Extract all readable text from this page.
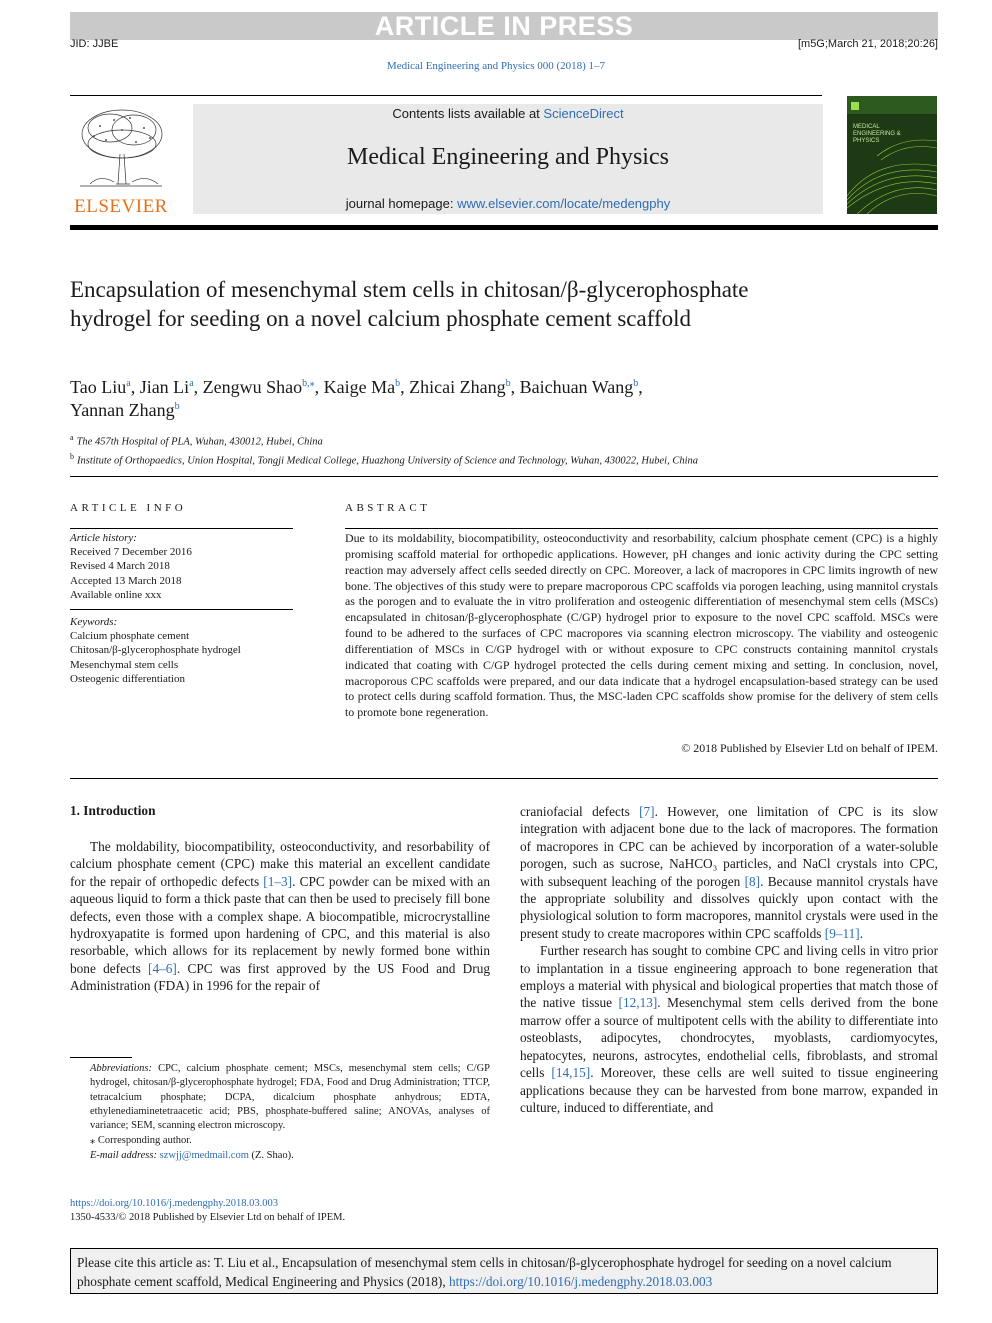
ARTICLE IN PRESS
JID: JJBE	[m5G;March 21, 2018;20:26]
Medical Engineering and Physics 000 (2018) 1–7
ELSEVIER
Contents lists available at ScienceDirect
Medical Engineering and Physics
journal homepage: www.elsevier.com/locate/medengphy
MEDICAL ENGINEERING & PHYSICS
Encapsulation of mesenchymal stem cells in chitosan/β-glycerophosphate hydrogel for seeding on a novel calcium phosphate cement scaffold
Tao Liu$^a$, Jian Li$^a$, Zengwu Shao$^{b,⁎}$, Kaige Ma$^b$, Zhicai Zhang$^b$, Baichuan Wang$^b$,
Yannan Zhang$^b$
$^a$ The 457th Hospital of PLA, Wuhan, 430012, Hubei, China
$^b$ Institute of Orthopaedics, Union Hospital, Tongji Medical College, Huazhong University of Science and Technology, Wuhan, 430022, Hubei, China
ARTICLE INFO	ABSTRACT
Article history:
Received 7 December 2016
Revised 4 March 2018
Accepted 13 March 2018
Available online xxx
Keywords:
Calcium phosphate cement
Chitosan/β-glycerophosphate hydrogel
Mesenchymal stem cells
Osteogenic differentiation
Due to its moldability, biocompatibility, osteoconductivity and resorbability, calcium phosphate cement (CPC) is a highly promising scaffold material for orthopedic applications. However, pH changes and ionic activity during the CPC setting reaction may adversely affect cells seeded directly on CPC. Moreover, a lack of macropores in CPC limits ingrowth of new bone. The objectives of this study were to prepare macroporous CPC scaffolds via porogen leaching, using mannitol crystals as the porogen and to evaluate the in vitro proliferation and osteogenic differentiation of mesenchymal stem cells (MSCs) encapsulated in chitosan/β-glycerophosphate (C/GP) hydrogel prior to exposure to the novel CPC scaffold. MSCs were found to be adhered to the surfaces of CPC macropores via scanning electron microscopy. The viability and osteogenic differentiation of MSCs in C/GP hydrogel with or without exposure to CPC constructs containing mannitol crystals indicated that coating with C/GP hydrogel protected the cells during cement mixing and setting. In conclusion, novel, macroporous CPC scaffolds were prepared, and our data indicate that a hydrogel encapsulation-based strategy can be used to protect cells during scaffold formation. Thus, the MSC-laden CPC scaffolds show promise for the delivery of stem cells to promote bone regeneration.
© 2018 Published by Elsevier Ltd on behalf of IPEM.
1. Introduction

The moldability, biocompatibility, osteoconductivity, and resorbability of calcium phosphate cement (CPC) make this material an excellent candidate for the repair of orthopedic defects [1–3]. CPC powder can be mixed with an aqueous liquid to form a thick paste that can then be used to precisely fill bone defects, even those with a complex shape. A biocompatible, microcrystalline hydroxyapatite is formed upon hardening of CPC, and this material is also resorbable, which allows for its replacement by newly formed bone within bone defects [4–6]. CPC was first approved by the US Food and Drug Administration (FDA) in 1996 for the repair of

craniofacial defects [7]. However, one limitation of CPC is its slow integration with adjacent bone due to the lack of macropores. The formation of macropores in CPC can be achieved by incorporation of a water-soluble porogen, such as sucrose, NaHCO₃ particles, and NaCl crystals into CPC, with subsequent leaching of the porogen [8]. Because mannitol crystals have the appropriate solubility and dissolves quickly upon contact with the physiological solution to form macropores, mannitol crystals were used in the present study to create macropores within CPC scaffolds [9–11].

Further research has sought to combine CPC and living cells in vitro prior to implantation in a tissue engineering approach to bone regeneration that employs a material with physical and biological properties that match those of the native tissue [12,13]. Mesenchymal stem cells derived from the bone marrow offer a source of multipotent cells with the ability to differentiate into osteoblasts, adipocytes, chondrocytes, myoblasts, cardiomyocytes, hepatocytes, neurons, astrocytes, endothelial cells, fibroblasts, and stromal cells [14,15]. Moreover, these cells are well suited to tissue engineering applications because they can be harvested from bone marrow, expanded in culture, induced to differentiate, and

Abbreviations: CPC, calcium phosphate cement; MSCs, mesenchymal stem cells; C/GP hydrogel, chitosan/β-glycerophosphate hydrogel; FDA, Food and Drug Administration; TTCP, tetracalcium phosphate; DCPA, dicalcium phosphate anhydrous; EDTA, ethylenediaminetetraacetic acid; PBS, phosphate-buffered saline; ANOVAs, analyses of variance; SEM, scanning electron microscopy.
⁎ Corresponding author.
E-mail address: szwjj@medmail.com (Z. Shao).
https://doi.org/10.1016/j.medengphy.2018.03.003
1350-4533/© 2018 Published by Elsevier Ltd on behalf of IPEM.
Please cite this article as: T. Liu et al., Encapsulation of mesenchymal stem cells in chitosan/β-glycerophosphate hydrogel for seeding on a novel calcium phosphate cement scaffold, Medical Engineering and Physics (2018), https://doi.org/10.1016/j.medengphy.2018.03.003
